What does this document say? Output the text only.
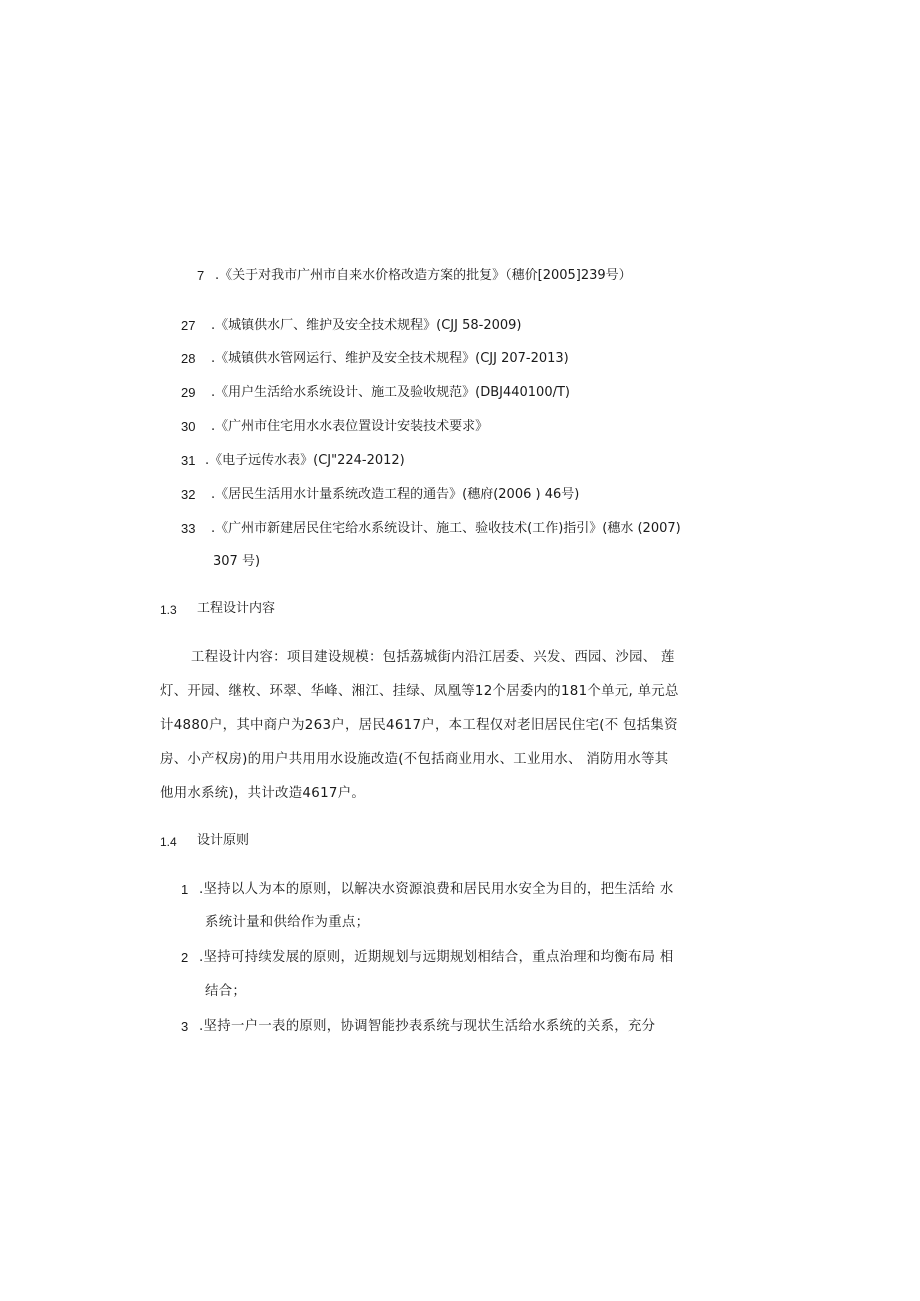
7 .《关于对我市广州市自来水价格改造方案的批复》（穗价[2005]239号）
27 .《城镇供水厂、维护及安全技术规程》(CJJ 58-2009)
28 .《城镇供水管网运行、维护及安全技术规程》(CJJ 207-2013)
29 .《用户生活给水系统设计、施工及验收规范》(DBJ440100/T)
30 .《广州市住宅用水水表位置设计安装技术要求》
31 .《电子远传水表》(CJ"224-2012)
32 .《居民生活用水计量系统改造工程的通告》(穗府(2006 ) 46号)
33 .《广州市新建居民住宅给水系统设计、施工、验收技术(工作)指引》(穗水 (2007)
307 号)
1.3 工程设计内容
工程设计内容：项目建设规模：包括荔城街内沿江居委、兴发、西园、沙园、 莲
灯、开园、继枚、环翠、华峰、湘江、挂绿、凤凰等12个居委内的181个单元, 单元总
计4880户，其中商户为263户，居民4617户，本工程仅对老旧居民住宅(不 包括集资
房、小产权房)的用户共用用水设施改造(不包括商业用水、工业用水、 消防用水等其
他用水系统)，共计改造4617户。
1.4 设计原则
1 .坚持以人为本的原则，以解决水资源浪费和居民用水安全为目的，把生活给 水
系统计量和供给作为重点；
2 .坚持可持续发展的原则，近期规划与远期规划相结合，重点治理和均衡布局 相
结合；
3 .坚持一户一表的原则，协调智能抄表系统与现状生活给水系统的关系，充分
